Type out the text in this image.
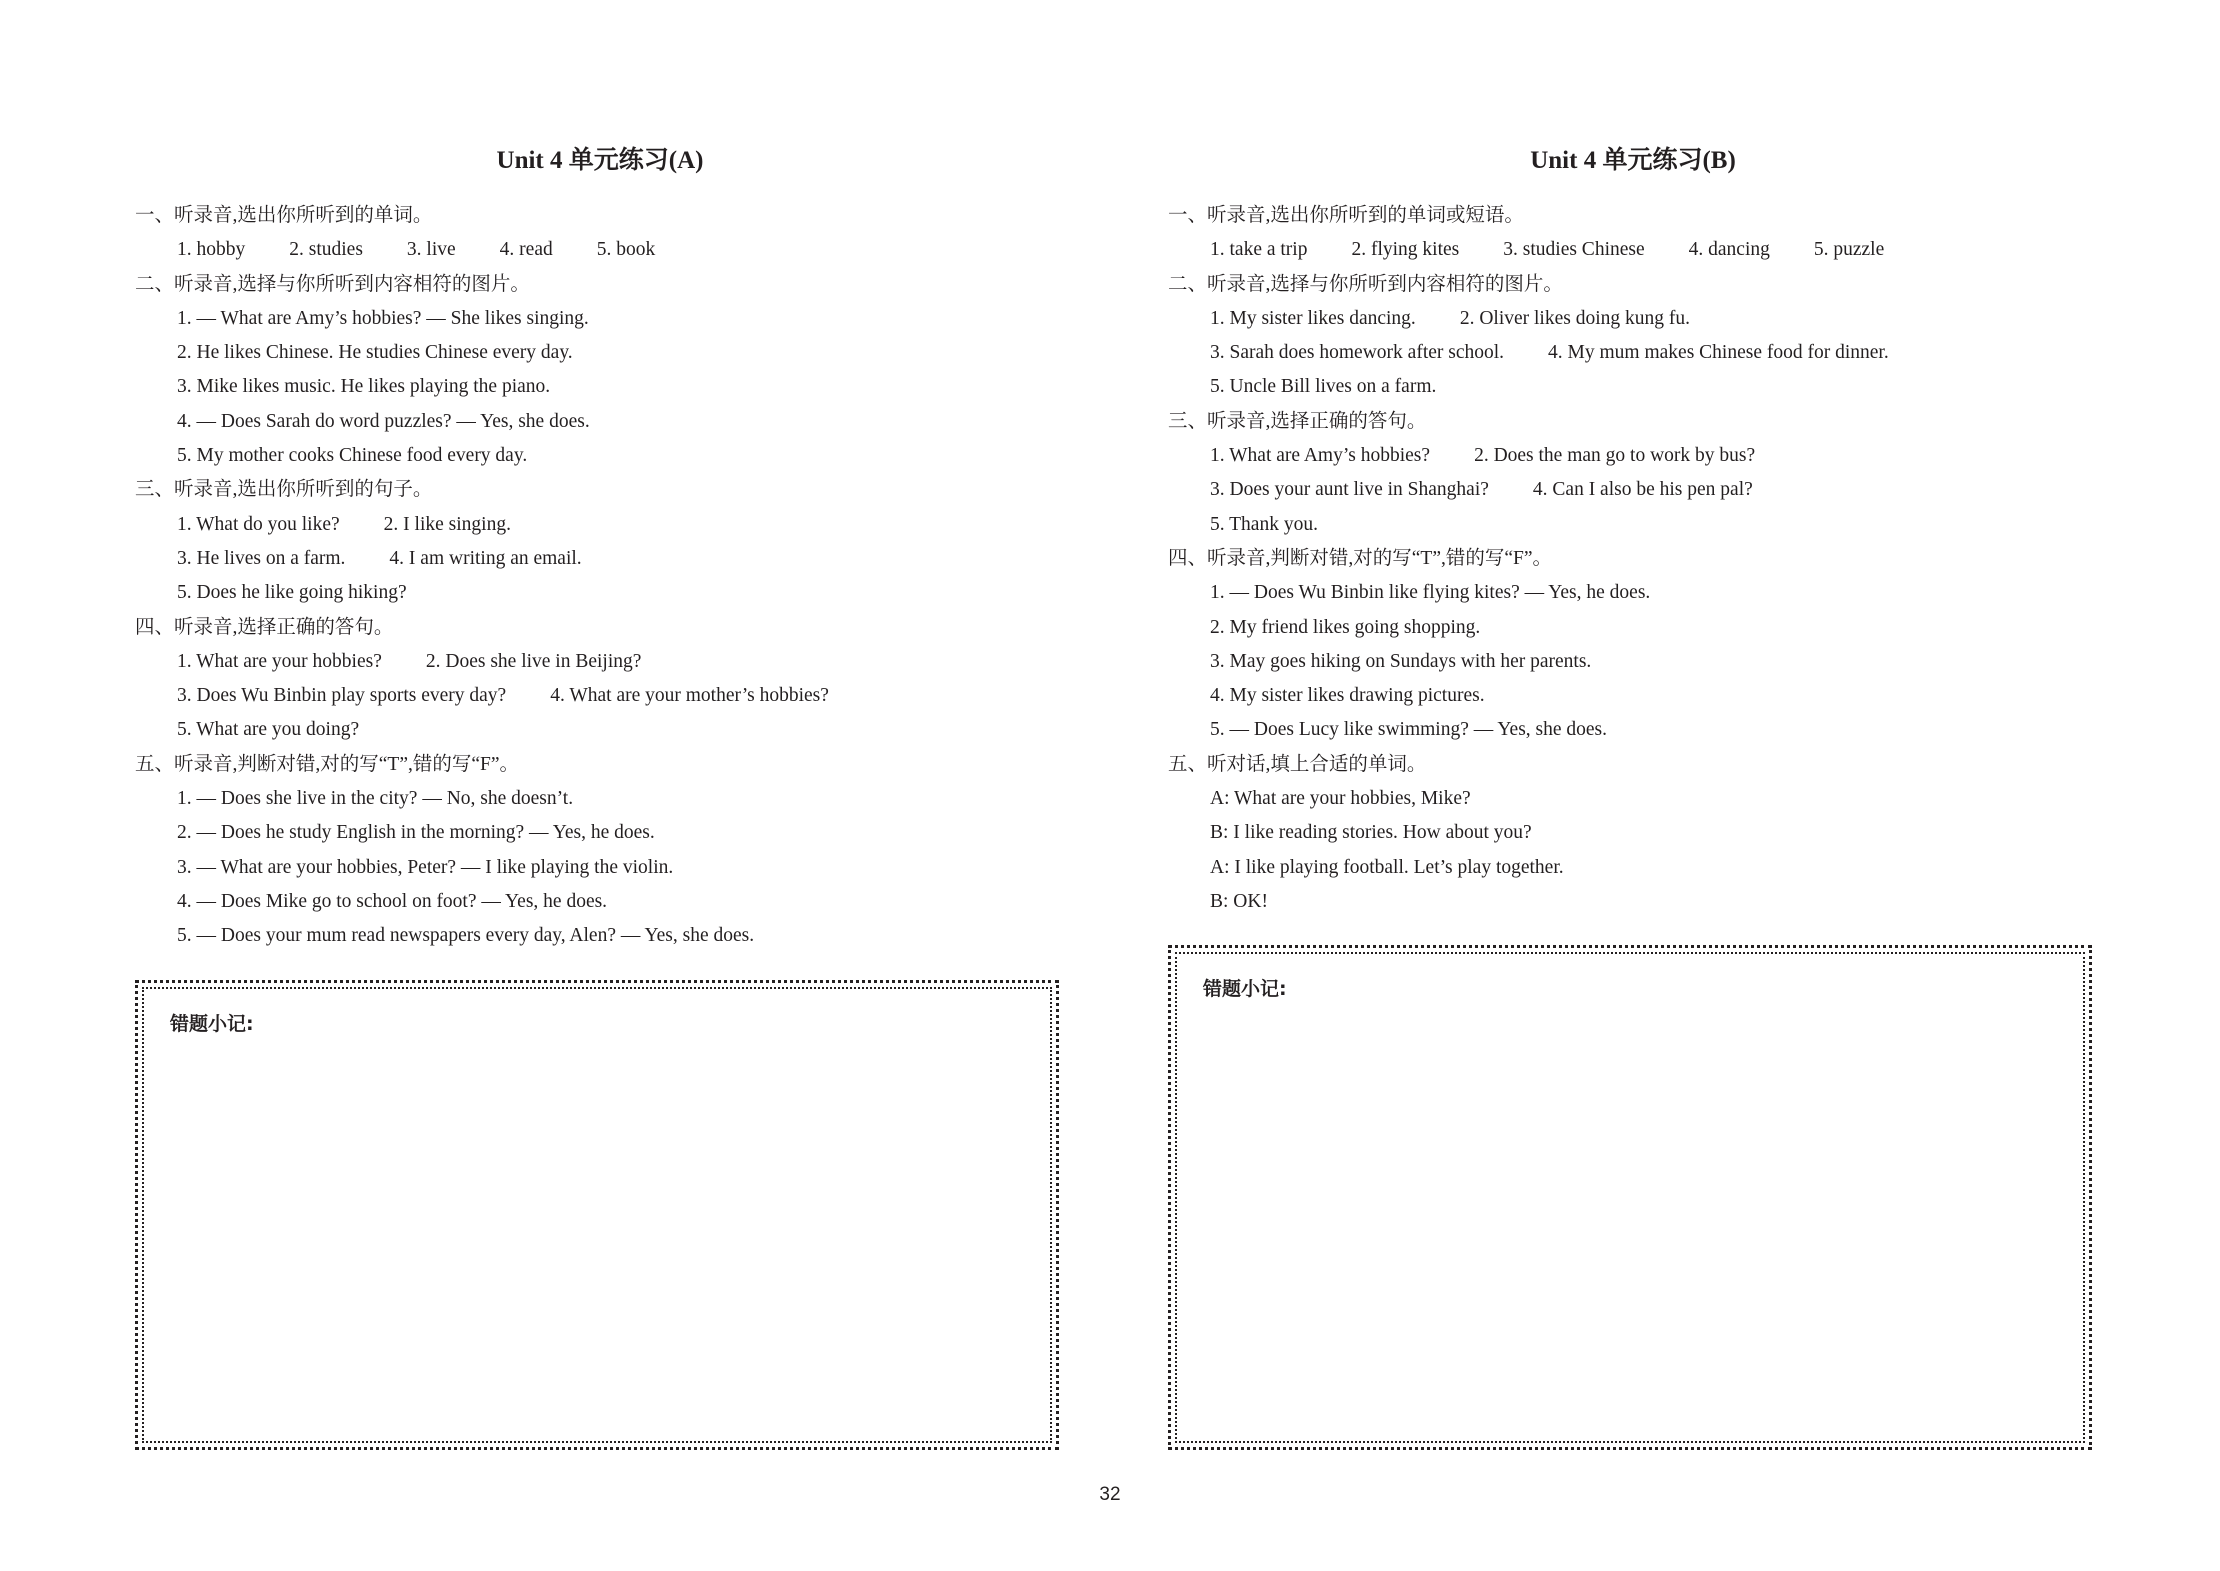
Unit 4 单元练习(A)
一、听录音,选出你所听到的单词。
1. hobby 2. studies 3. live 4. read 5. book
二、听录音,选择与你所听到内容相符的图片。
1. — What are Amy’s hobbies? — She likes singing.
2. He likes Chinese. He studies Chinese every day.
3. Mike likes music. He likes playing the piano.
4. — Does Sarah do word puzzles? — Yes, she does.
5. My mother cooks Chinese food every day.
三、听录音,选出你所听到的句子。
1. What do you like? 2. I like singing.
3. He lives on a farm. 4. I am writing an email.
5. Does he like going hiking?
四、听录音,选择正确的答句。
1. What are your hobbies? 2. Does she live in Beijing?
3. Does Wu Binbin play sports every day? 4. What are your mother’s hobbies?
5. What are you doing?
五、听录音,判断对错,对的写“T”,错的写“F”。
1. — Does she live in the city? — No, she doesn’t.
2. — Does he study English in the morning? — Yes, he does.
3. — What are your hobbies, Peter? — I like playing the violin.
4. — Does Mike go to school on foot? — Yes, he does.
5. — Does your mum read newspapers every day, Alen? — Yes, she does.
错题小记:
Unit 4 单元练习(B)
一、听录音,选出你所听到的单词或短语。
1. take a trip 2. flying kites 3. studies Chinese 4. dancing 5. puzzle
二、听录音,选择与你所听到内容相符的图片。
1. My sister likes dancing. 2. Oliver likes doing kung fu.
3. Sarah does homework after school. 4. My mum makes Chinese food for dinner.
5. Uncle Bill lives on a farm.
三、听录音,选择正确的答句。
1. What are Amy’s hobbies? 2. Does the man go to work by bus?
3. Does your aunt live in Shanghai? 4. Can I also be his pen pal?
5. Thank you.
四、听录音,判断对错,对的写“T”,错的写“F”。
1. — Does Wu Binbin like flying kites? — Yes, he does.
2. My friend likes going shopping.
3. May goes hiking on Sundays with her parents.
4. My sister likes drawing pictures.
5. — Does Lucy like swimming? — Yes, she does.
五、听对话,填上合适的单词。
A: What are your hobbies, Mike?
B: I like reading stories. How about you?
A: I like playing football. Let’s play together.
B: OK!
错题小记:
32
